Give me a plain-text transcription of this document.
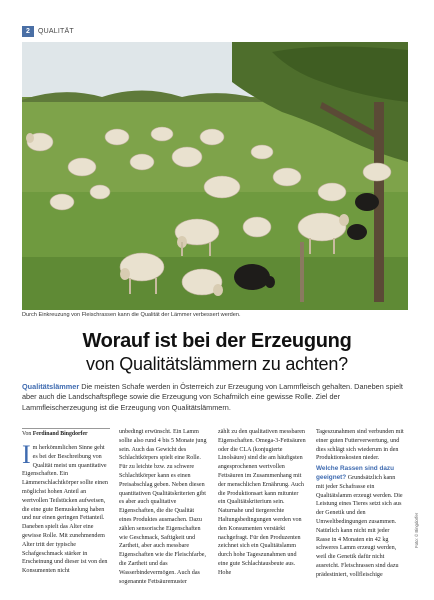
2	QUALITÄT
Durch Einkreuzung von Fleischrassen kann die Qualität der Lämmer verbessert werden.
Worauf ist bei der Erzeugung
von Qualitätslämmern zu achten?
Qualitätslämmer Die meisten Schafe werden in Österreich zur Erzeugung von Lammfleisch gehalten. Daneben spielt aber auch die Landschaftspflege sowie die Erzeugung von Schafmilch eine gewisse Rolle. Ziel der Lammfleischerzeugung ist die Erzeugung von Qualitätslämmern.
Von Ferdinand Bingdorfer

Im herkömmlichen Sinne geht es bei der Beschreibung von Qualität meist um quantitative Eigenschaften. Ein Lämmerschlachtkörper sollte einen möglichst hohen Anteil an wertvollen Teilstücken aufweisen, die eine gute Bemuskelung haben und nur einen geringen Fettanteil. Daneben spielt das Alter eine gewisse Rolle. Mit zunehmendem Alter tritt der typische Schafgeschmack stärker in Erscheinung und dieser ist von den Konsumenten nicht

unbedingt erwünscht. Ein Lamm sollte also rund 4 bis 5 Monate jung sein. Auch das Gewicht des Schlachtkörpers spielt eine Rolle. Für zu leichte bzw. zu schwere Schlachtkörper kann es einen Preisabschlag geben. Neben diesen quantitativen Qualitätskriterien gibt es aber auch qualitative Eigenschaften, die die Qualität eines Produktes ausmachen. Dazu zählen sensorische Eigenschaften wie Geschmack, Saftigkeit und Zartheit, aber auch messbare Eigenschaften wie die Fleischfarbe, die Zartheit und das Wasserbindevermögen. Auch das sogenannte Fettsäuremuster

zählt zu den qualitativen messbaren Eigenschaften. Omega-3-Fettsäuren oder die CLA (konjugierte Linolsäure) sind die am häufigsten angesprochenen wertvollen Fettsäuren im Zusammenhang mit der menschlichen Ernährung. Auch die Produktionsart kann mitunter ein Qualitätskriterium sein. Naturnahe und tiergerechte Haltungsbedingungen werden von den Konsumenten verstärkt nachgefragt. Für den Produzenten zeichnet sich ein Qualitätslamm durch hohe Tageszunahmen und eine gute Schlachtausbeute aus. Hohe

Tageszunahmen sind verbunden mit einer guten Futterverwertung, und dies schlägt sich wiederum in den Produktionskosten nieder.

Welche Rassen sind dazu geeignet? Grundsätzlich kann mit jeder Schafrasse ein Qualitätslamm erzeugt werden. Die Leistung eines Tieres setzt sich aus der Genetik und den Umweltbedingungen zusammen. Natürlich kann nicht mit jeder Rasse in 4 Monaten ein 42 kg schweres Lamm erzeugt werden, weil die Genetik dafür nicht ausreicht. Fleischrassen sind dazu prädestiniert, vollfleischige

Foto: © Bingdorfer
